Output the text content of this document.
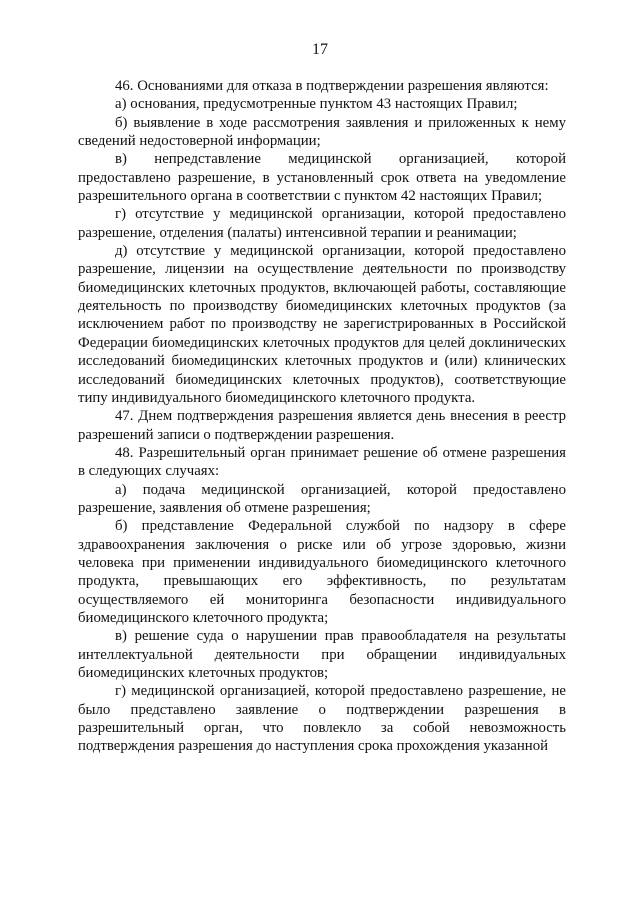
17

46. Основаниями для отказа в подтверждении разрешения являются:

а) основания, предусмотренные пунктом 43 настоящих Правил;

б) выявление в ходе рассмотрения заявления и приложенных к нему сведений недостоверной информации;

в) непредставление медицинской организацией, которой предоставлено разрешение, в установленный срок ответа на уведомление разрешительного органа в соответствии с пунктом 42 настоящих Правил;

г) отсутствие у медицинской организации, которой предоставлено разрешение, отделения (палаты) интенсивной терапии и реанимации;

д) отсутствие у медицинской организации, которой предоставлено разрешение, лицензии на осуществление деятельности по производству биомедицинских клеточных продуктов, включающей работы, составляющие деятельность по производству биомедицинских клеточных продуктов (за исключением работ по производству не зарегистрированных в Российской Федерации биомедицинских клеточных продуктов для целей доклинических исследований биомедицинских клеточных продуктов и (или) клинических исследований биомедицинских клеточных продуктов), соответствующие типу индивидуального биомедицинского клеточного продукта.

47. Днем подтверждения разрешения является день внесения в реестр разрешений записи о подтверждении разрешения.

48. Разрешительный орган принимает решение об отмене разрешения в следующих случаях:

а) подача медицинской организацией, которой предоставлено разрешение, заявления об отмене разрешения;

б) представление Федеральной службой по надзору в сфере здравоохранения заключения о риске или об угрозе здоровью, жизни человека при применении индивидуального биомедицинского клеточного продукта, превышающих его эффективность, по результатам осуществляемого ей мониторинга безопасности индивидуального биомедицинского клеточного продукта;

в) решение суда о нарушении прав правообладателя на результаты интеллектуальной деятельности при обращении индивидуальных биомедицинских клеточных продуктов;

г) медицинской организацией, которой предоставлено разрешение, не было представлено заявление о подтверждении разрешения в разрешительный орган, что повлекло за собой невозможность подтверждения разрешения до наступления срока прохождения указанной
